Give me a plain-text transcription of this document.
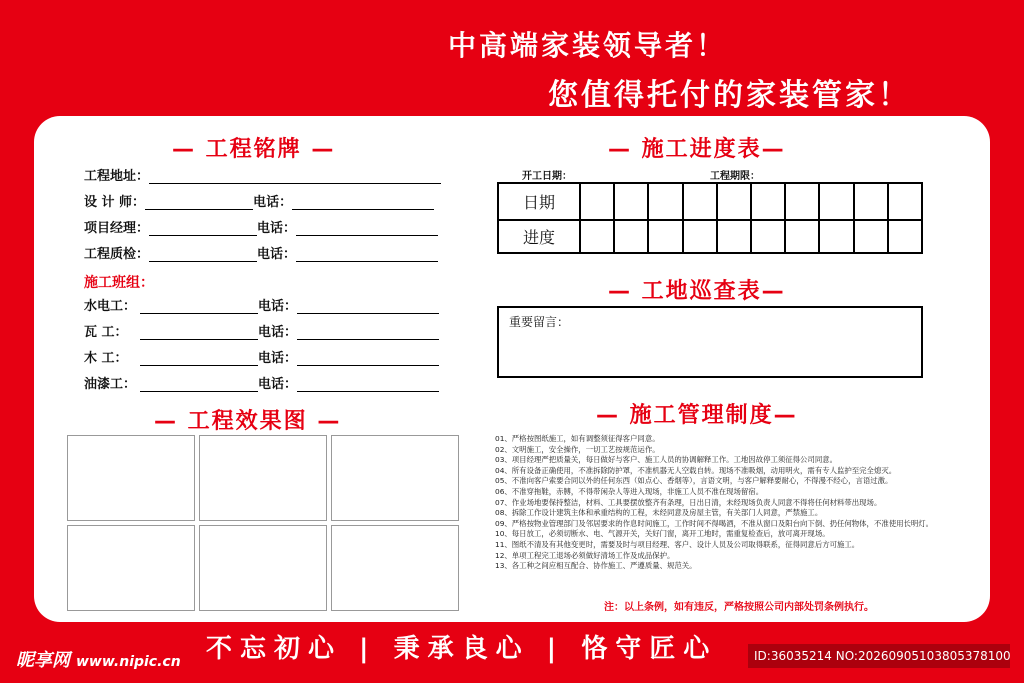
中高端家装领导者！
您值得托付的家装管家！
— 工程铭牌 —
工程地址：
设 计 师：	电话：
项目经理：	电话：
工程质检：	电话：
施工班组：
水电工：	电话：
瓦 工：	电话：
木 工：	电话：
油漆工：	电话：
— 工程效果图 —
— 施工进度表—
开工日期：	工程期限：
日期
进度
— 工地巡查表—
重要留言：
— 施工管理制度—
01、严格按图纸施工，如有调整须征得客户同意。
02、文明施工，安全操作，一切工艺按规范运作。
03、项目经理严把质量关，每日做好与客户、施工人员的协调解释工作。工地因故停工须征得公司同意。
04、所有设备正确使用，不准拆除防护罩，不准机器无人空载自转。现场不准吸烟，动用明火，需有专人监护至完全熄灭。
05、不准向客户索要合同以外的任何东西（如点心、香烟等），言语文明，与客户解释要耐心，不得漫不经心，言语过激。
06、不准穿拖鞋，赤膊，不得带闲杂人等进入现场，非施工人员不准在现场留宿。
07、作业场地要保持整洁，材料、工具要摆放整齐有条理，日出日清，未经现场负责人同意不得将任何材料带出现场。
08、拆除工作设计建筑主体和承重结构的工程，未经同意及房屋主管，有关部门人同意，严禁施工。
09、严格按物业管理部门及邻居要求的作息时间施工，工作时间不得喝酒，不准从窗口及阳台向下倒、扔任何物体，不准使用长明灯。
10、每日放工，必须切断水、电、气源开关，关好门窗，离开工地时，需重复检查后，放可离开现场。
11、图纸不清及有其他变更时，需要及时与项目经理、客户、设计人员及公司取得联系，征得同意后方可施工。
12、单项工程完工退场必须做好清场工作及成品保护。
13、各工种之间应相互配合、协作施工、严遵质量、规范关。
注：以上条例，如有违反，严格按照公司内部处罚条例执行。
不忘初心 | 秉承良心 | 恪守匠心
昵享网 www.nipic.cn	ID:36035214 NO:20260905103805378100
